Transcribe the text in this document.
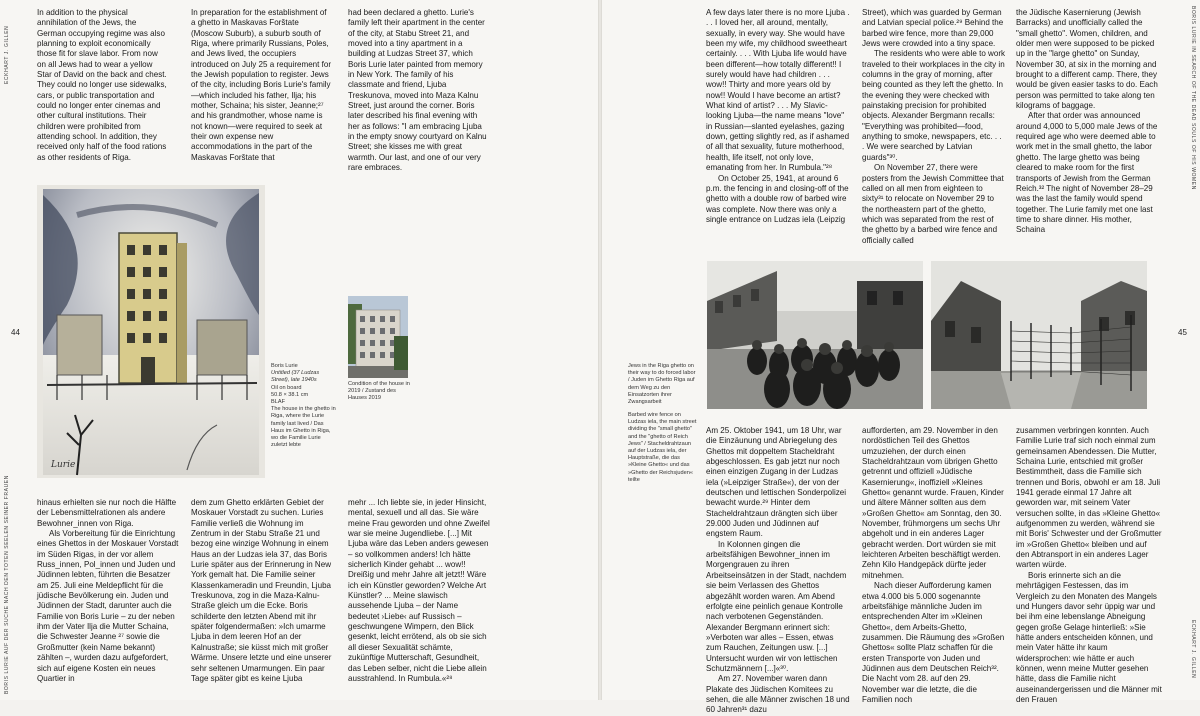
ECKHART J. GILLEN
BORIS LURIE AUF DER SUCHE NACH DEN TOTEN SEELEN SEINER FRAUEN
44

In addition to the physical annihilation of the Jews, the German occupying regime was also planning to exploit economically those fit for slave labor. From now on all Jews had to wear a yellow Star of David on the back and chest. They could no longer use sidewalks, cars, or public transportation and could no longer enter cinemas and other cultural institutions. Their children were prohibited from attending school. In addition, they received only half of the food rations as other residents of Riga.

In preparation for the establishment of a ghetto in Maskavas Forštate (Moscow Suburb), a suburb south of Riga, where primarily Russians, Poles, and Jews lived, the occupiers introduced on July 25 a requirement for the Jewish population to register. Jews of the city, including Boris Lurie's family—which included his father, Ilja; his mother, Schaina; his sister, Jeanne;²⁷ and his grandmother, whose name is not known—were required to seek at their own expense new accommodations in the part of the Maskavas Forštate that

had been declared a ghetto. Lurie's family left their apartment in the center of the city, at Stabu Street 21, and moved into a tiny apartment in a building at Ludzas Street 37, which Boris Lurie later painted from memory in New York. The family of his classmate and friend, Ljuba Treskunova, moved into Maza Kalnu Street, just around the corner. Boris later described his final evening with her as follows: "I am embracing Ljuba in the empty snowy courtyard on Kalnu Street; she kisses me with great warmth. Our last, and one of our very rare embraces.

Lurie
Boris Lurie
Untitled (37 Ludzas Street), late 1940s
Oil on board
50.8 × 38.1 cm
BLAF
The house in the ghetto in Riga, where the Lurie family last lived / Das Haus im Ghetto in Riga, wo die Familie Lurie zuletzt lebte
Condition of the house in 2019 / Zustand des Hauses 2019

hinaus erhielten sie nur noch die Hälfte der Lebensmittelrationen als andere Bewohner_innen von Riga.

Als Vorbereitung für die Einrichtung eines Ghettos in der Moskauer Vorstadt im Süden Rigas, in der vor allem Russ_innen, Pol_innen und Juden und Jüdinnen lebten, führten die Besatzer am 25. Juli eine Meldepflicht für die jüdische Bevölkerung ein. Juden und Jüdinnen der Stadt, darunter auch die Familie von Boris Lurie – zu der neben ihm der Vater Ilja die Mutter Schaina, die Schwester Jeanne ²⁷ sowie die Großmutter (kein Name bekannt) zählten –, wurden dazu aufgefordert, sich auf eigene Kosten ein neues Quartier in

dem zum Ghetto erklärten Gebiet der Moskauer Vorstadt zu suchen. Luries Familie verließ die Wohnung im Zentrum in der Stabu Straße 21 und bezog eine winzige Wohnung in einem Haus an der Ludzas iela 37, das Boris Lurie später aus der Erinnerung in New York gemalt hat. Die Familie seiner Klassenkameradin und Freundin, Ljuba Treskunova, zog in die Maza-Kalnu-Straße gleich um die Ecke. Boris schilderte den letzten Abend mit ihr später folgendermaßen: »Ich umarme Ljuba in dem leeren Hof an der Kalnustraße; sie küsst mich mit großer Wärme. Unsere letzte und eine unserer sehr seltenen Umarmungen. Ein paar Tage später gibt es keine Ljuba

mehr ... Ich liebte sie, in jeder Hinsicht, mental, sexuell und all das. Sie wäre meine Frau geworden und ohne Zweifel war sie meine Jugendliebe. [...] Mit Ljuba wäre das Leben anders gewesen – so vollkommen anders! Ich hätte sicherlich Kinder gehabt ... wow!! Dreißig und mehr Jahre alt jetzt!! Wäre ich ein Künstler geworden? Welche Art Künstler? ... Meine slawisch aussehende Ljuba – der Name bedeutet ›Liebe‹ auf Russisch – geschwungene Wimpern, den Blick gesenkt, leicht errötend, als ob sie sich all dieser Sexualität schämte, zukünftige Mutterschaft, Gesundheit, das Leben selber, nicht die Liebe allein ausstrahlend. In Rumbula.«²⁸

BORIS LURIE IN SEARCH OF THE DEAD SOULS OF HIS WOMEN
ECKHART J. GILLEN
45

A few days later there is no more Ljuba . . . I loved her, all around, mentally, sexually, in every way. She would have been my wife, my childhood sweetheart certainly. . . . With Ljuba life would have been different—how totally different!! I surely would have had children . . . wow!! Thirty and more years old by now!! Would I have become an artist? What kind of artist? . . . My Slavic-looking Ljuba—the name means "love" in Russian—slanted eyelashes, gazing down, getting slightly red, as if ashamed of all that sexuality, future motherhood, health, life itself, not only love, emanating from her. In Rumbula."²⁸

On October 25, 1941, at around 6 p.m. the fencing in and closing-off of the ghetto with a double row of barbed wire was complete. Now there was only a single entrance on Ludzas iela (Leipzig

Street), which was guarded by German and Latvian special police.²⁹ Behind the barbed wire fence, more than 29,000 Jews were crowded into a tiny space.

The residents who were able to work traveled to their workplaces in the city in columns in the gray of morning, after being counted as they left the ghetto. In the evening they were checked with painstaking precision for prohibited objects. Alexander Bergmann recalls: "Everything was prohibited—food, anything to smoke, newspapers, etc. . . . We were searched by Latvian guards"³⁰.

On November 27, there were posters from the Jewish Committee that called on all men from eighteen to sixty³¹ to relocate on November 29 to the northeastern part of the ghetto, which was separated from the rest of the ghetto by a barbed wire fence and officially called

the Jüdische Kasernierung (Jewish Barracks) and unofficially called the "small ghetto". Women, children, and older men were supposed to be picked up in the "large ghetto" on Sunday, November 30, at six in the morning and brought to a different camp. There, they would be given easier tasks to do. Each person was permitted to take along ten kilograms of baggage.

After that order was announced around 4,000 to 5,000 male Jews of the required age who were deemed able to work met in the small ghetto, the labor ghetto. The large ghetto was being cleared to make room for the first transports of Jewish from the German Reich.³² The night of November 28–29 was the last the family would spend together. The Lurie family met one last time to share dinner. His mother, Schaina

Jews in the Riga ghetto on their way to do forced labor / Juden im Ghetto Riga auf dem Weg zu den Einsatzorten ihrer Zwangsarbeit
Barbed wire fence on Ludzas iela, the main street dividing the "small ghetto" and the "ghetto of Reich Jews" / Stacheldrahtzaun auf der Ludzas iela, der Hauptstraße, die das »Kleine Ghetto« und das »Ghetto der Reichsjuden« teilte

Am 25. Oktober 1941, um 18 Uhr, war die Einzäunung und Abriegelung des Ghettos mit doppeltem Stacheldraht abgeschlossen. Es gab jetzt nur noch einen einzigen Zugang in der Ludzas iela (»Leipziger Straße«), der von der deutschen und lettischen Sonderpolizei bewacht wurde.²⁹ Hinter dem Stacheldrahtzaun drängten sich über 29.000 Juden und Jüdinnen auf engstem Raum.

In Kolonnen gingen die arbeitsfähigen Bewohner_innen im Morgengrauen zu ihren Arbeitseinsätzen in der Stadt, nachdem sie beim Verlassen des Ghettos abgezählt worden waren. Am Abend erfolgte eine peinlich genaue Kontrolle nach verbotenen Gegenständen. Alexander Bergmann erinnert sich: »Verboten war alles – Essen, etwas zum Rauchen, Zeitungen usw. [...] Untersucht wurden wir von lettischen Schutzmännern [...]«³⁰.

Am 27. November waren dann Plakate des Jüdischen Komitees zu sehen, die alle Männer zwischen 18 und 60 Jahren³¹ dazu

aufforderten, am 29. November in den nordöstlichen Teil des Ghettos umzuziehen, der durch einen Stacheldrahtzaun vom übrigen Ghetto getrennt und offiziell »Jüdische Kasernierung«, inoffiziell »Kleines Ghetto« genannt wurde. Frauen, Kinder und ältere Männer sollten aus dem »Großen Ghetto« am Sonntag, den 30. November, frühmorgens um sechs Uhr abgeholt und in ein anderes Lager gebracht werden. Dort würden sie mit leichteren Arbeiten beschäftigt werden. Zehn Kilo Handgepäck dürfte jeder mitnehmen.

Nach dieser Aufforderung kamen etwa 4.000 bis 5.000 sogenannte arbeitsfähige männliche Juden im entsprechenden Alter im »Kleinen Ghetto«, dem Arbeits-Ghetto, zusammen. Die Räumung des »Großen Ghettos« sollte Platz schaffen für die ersten Transporte von Juden und Jüdinnen aus dem Deutschen Reich³². Die Nacht vom 28. auf den 29. November war die letzte, die die Familien noch

zusammen verbringen konnten. Auch Familie Lurie traf sich noch einmal zum gemeinsamen Abendessen. Die Mutter, Schaina Lurie, entschied mit großer Bestimmtheit, dass die Familie sich trennen und Boris, obwohl er am 18. Juli 1941 gerade einmal 17 Jahre alt geworden war, mit seinem Vater versuchen sollte, in das »Kleine Ghetto« aufgenommen zu werden, während sie mit Boris' Schwester und der Großmutter im »Großen Ghetto« bleiben und auf den Abtransport in ein anderes Lager warten würde.

Boris erinnerte sich an die mehrtägigen Festessen, das im Vergleich zu den Monaten des Mangels und Hungers davor sehr üppig war und bei ihm eine lebenslange Abneigung gegen große Gelage hinterließ: »Sie hätte anders entscheiden können, und mein Vater hätte ihr kaum widersprochen: wie hätte er auch können, wenn meine Mutter gesehen hätte, dass die Familie nicht auseinandergerissen und die Männer mit den Frauen
